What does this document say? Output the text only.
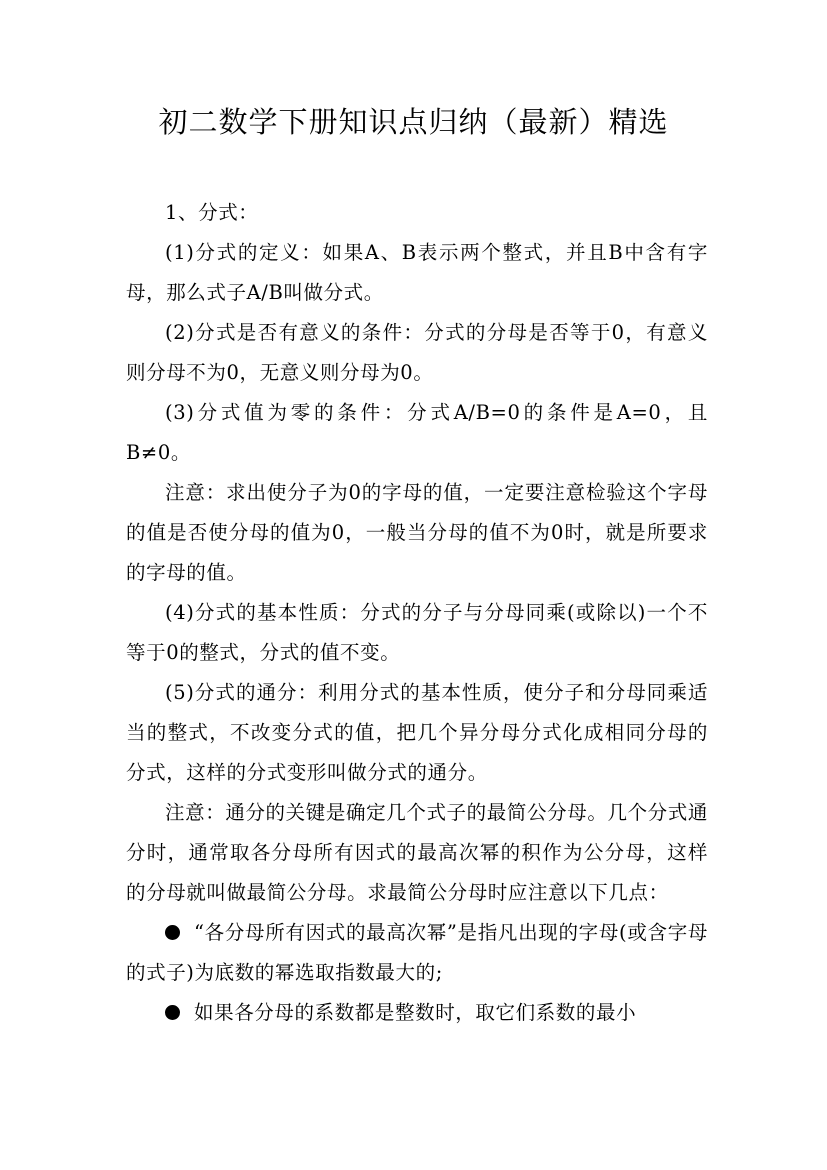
初二数学下册知识点归纳（最新）精选

1、分式：

(1)分式的定义：如果A、B表示两个整式，并且B中含有字母，那么式子A/B叫做分式。

(2)分式是否有意义的条件：分式的分母是否等于0，有意义则分母不为0，无意义则分母为0。

(3)分式值为零的条件：分式A/B=0的条件是A=0，且B≠0。

注意：求出使分子为0的字母的值，一定要注意检验这个字母的值是否使分母的值为0，一般当分母的值不为0时，就是所要求的字母的值。

(4)分式的基本性质：分式的分子与分母同乘(或除以)一个不等于0的整式，分式的值不变。

(5)分式的通分：利用分式的基本性质，使分子和分母同乘适当的整式，不改变分式的值，把几个异分母分式化成相同分母的分式，这样的分式变形叫做分式的通分。

注意：通分的关键是确定几个式子的最简公分母。几个分式通分时，通常取各分母所有因式的最高次幂的积作为公分母，这样的分母就叫做最简公分母。求最简公分母时应注意以下几点：

“各分母所有因式的最高次幂”是指凡出现的字母(或含字母的式子)为底数的幂选取指数最大的;

如果各分母的系数都是整数时，取它们系数的最小
